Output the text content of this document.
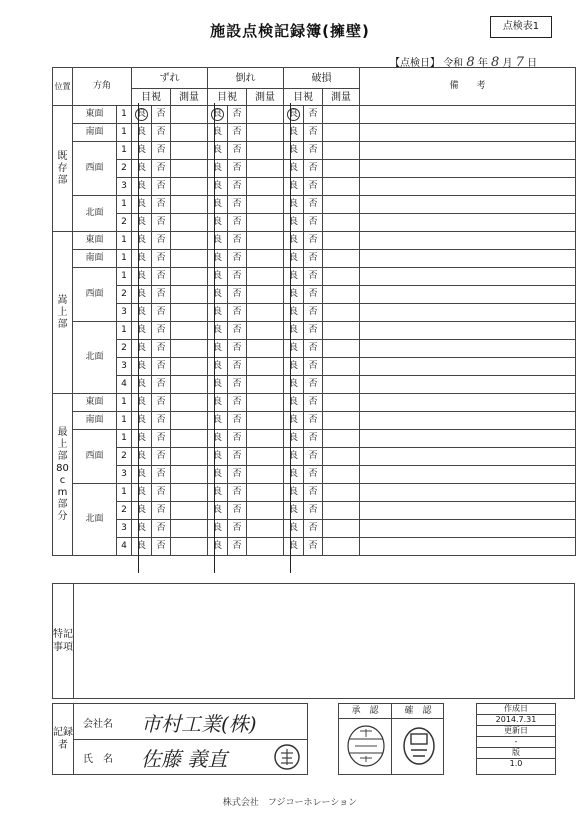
施設点検記録簿(擁壁)	点検表1
【点検日】 令和 8 年 8 月 7 日
位置	方角		ずれ			倒れ			破損			備　　考
			目視		測量	目視		測量	目視		測量	
既存部	東面	1	良	否		良	否		良	否		
	南面	1	良	否		良	否		良	否		
	西面	1	良	否		良	否		良	否		
		2	良	否		良	否		良	否		
		3	良	否		良	否		良	否		
	北面	1	良	否		良	否		良	否		
		2	良	否		良	否		良	否		
嵩上部	東面	1	良	否		良	否		良	否		
	南面	1	良	否		良	否		良	否		
	西面	1	良	否		良	否		良	否		
		2	良	否		良	否		良	否		
		3	良	否		良	否		良	否		
	北面	1	良	否		良	否		良	否		
		2	良	否		良	否		良	否		
		3	良	否		良	否		良	否		
		4	良	否		良	否		良	否		
最上部80cm部分	東面	1	良	否		良	否		良	否		
	南面	1	良	否		良	否		良	否		
	西面	1	良	否		良	否		良	否		
		2	良	否		良	否		良	否		
		3	良	否		良	否		良	否		
	北面	1	良	否		良	否		良	否		
		2	良	否		良	否		良	否		
		3	良	否		良	否		良	否		
		4	良	否		良	否		良	否		
特記事項
記録者
会社名 市村工業(株)
氏　名 佐藤 義直
承　認	確　認	作成日
2014.7.31
更新日
-
版
1.0
株式会社　フジコーホレーション
